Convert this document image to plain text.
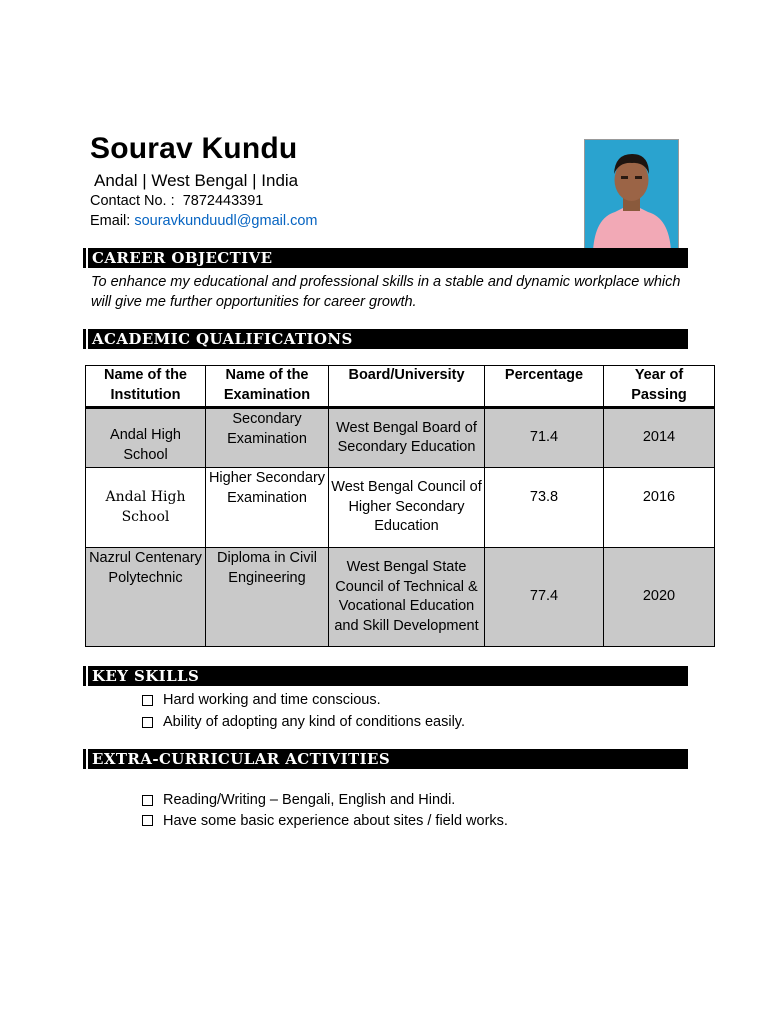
Sourav Kundu
Andal | West Bengal | India
Contact No. : 7872443391
Email: souravkunduudl@gmail.com
CAREER OBJECTIVE
To enhance my educational and professional skills in a stable and dynamic workplace which will give me further opportunities for career growth.
ACADEMIC QUALIFICATIONS
Name of the Institution	Name of the Examination	Board/University	Percentage	Year of Passing
Andal High School	Secondary Examination	West Bengal Board of Secondary Education	71.4	2014
Andal High School	Higher Secondary Examination	West Bengal Council of Higher Secondary Education	73.8	2016
Nazrul Centenary Polytechnic	Diploma in Civil Engineering	West Bengal State Council of Technical & Vocational Education and Skill Development	77.4	2020
KEY SKILLS
Hard working and time conscious.
Ability of adopting any kind of conditions easily.
EXTRA-CURRICULAR ACTIVITIES
Reading/Writing – Bengali, English and Hindi.
Have some basic experience about sites / field works.
